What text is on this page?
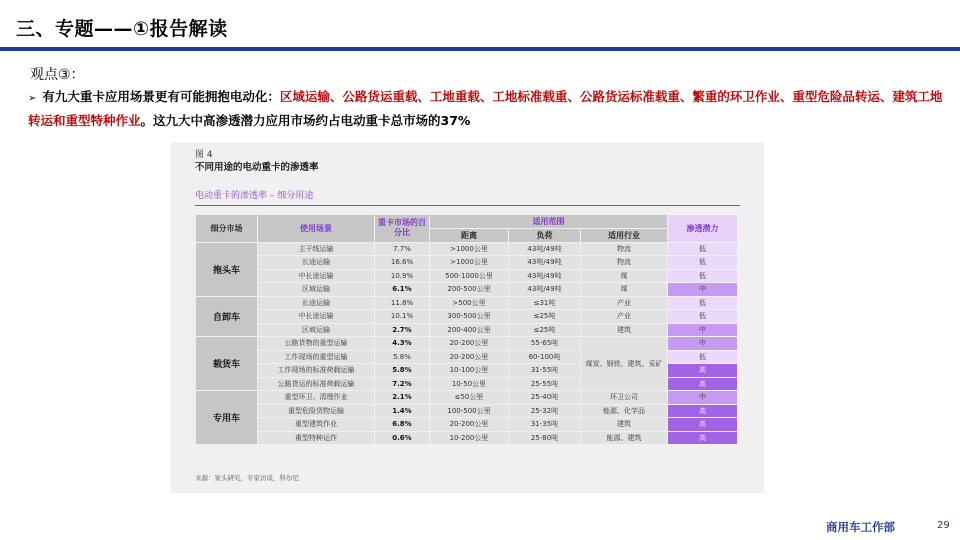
三、专题——①报告解读
观点③：
➢ 有九大重卡应用场景更有可能拥抱电动化：区域运输、公路货运重载、工地重载、工地标准载重、公路货运标准载重、繁重的环卫作业、重型危险品转运、建筑工地转运和重型特种作业。这九大中高渗透潜力应用市场约占电动重卡总市场的37%
图 4
不同用途的电动重卡的渗透率
电动重卡的渗透率 – 细分用途
细分市场	使用场景	重卡市场的百分比	适用范围			渗透潜力
			距离	负荷	适用行业	
拖头车	主干线运输	7.7%	>1000公里	43吨/49吨	物流	低
	长途运输	16.6%	>1000公里	43吨/49吨	物流	低
	中长途运输	10.9%	500-1000公里	43吨/49吨	煤	低
	区域运输	6.1%	200-500公里	43吨/49吨	煤	中
自卸车	长途运输	11.8%	>500公里	≤31吨	产业	低
	中长途运输	10.1%	300-500公里	≤25吨	产业	低
	区域运输	2.7%	200-400公里	≤25吨	建筑	中
载货车	公路货物的重型运输	4.3%	20-200公里	55-65吨	煤炭、钢铁、建筑、采矿	中
	工作现场的重型运输	5.8%	20-200公里	60-100吨		低
	工作现场的标准荷载运输	5.8%	10-100公里	31-55吨		高
	公路货运的标准荷载运输	7.2%	10-50公里	25-55吨		高
专用车	重型环卫、清理作业	2.1%	≤50公里	25-40吨	环卫公司	中
	重型危险货物运输	1.4%	100-500公里	25-32吨	能源、化学品	高
	重型建筑作业	6.8%	20-200公里	31-35吨	建筑	高
	重型特种运作	0.6%	10-200公里	25-80吨	能源、建筑	高
来源：案头研究，专家访谈，科尔尼
商用车工作部	29
